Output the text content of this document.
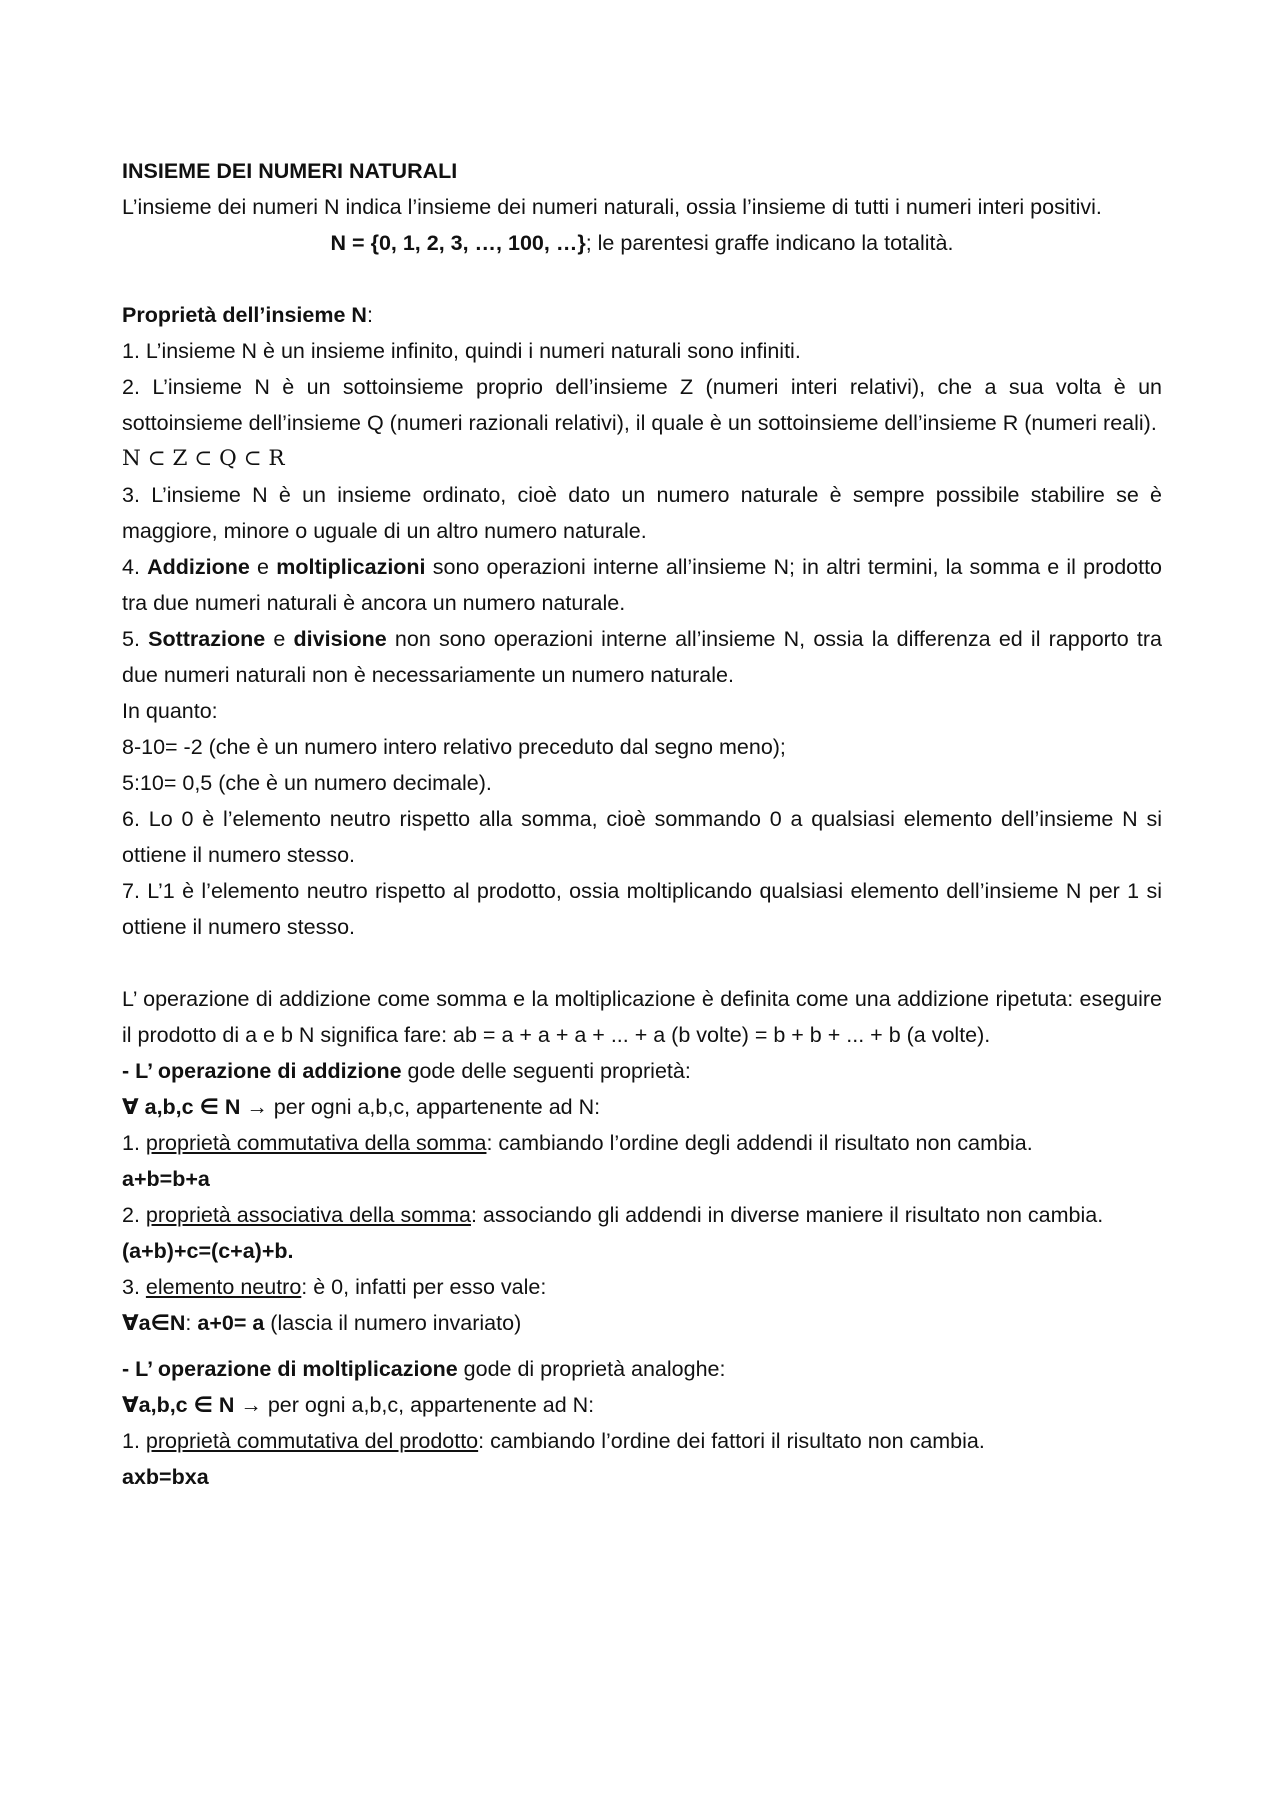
INSIEME DEI NUMERI NATURALI

L’insieme dei numeri N indica l’insieme dei numeri naturali, ossia l’insieme di tutti i numeri interi positivi.

N = {0, 1, 2, 3, …, 100, …}; le parentesi graffe indicano la totalità.

Proprietà dell’insieme N:

1. L’insieme N è un insieme infinito, quindi i numeri naturali sono infiniti.

2. L’insieme N è un sottoinsieme proprio dell’insieme Z (numeri interi relativi), che a sua volta è un sottoinsieme dell’insieme Q (numeri razionali relativi), il quale è un sottoinsieme dell’insieme R (numeri reali).

N ⊂ Z ⊂ Q ⊂ R

3. L’insieme N è un insieme ordinato, cioè dato un numero naturale è sempre possibile stabilire se è maggiore, minore o uguale di un altro numero naturale.

4. Addizione e moltiplicazioni sono operazioni interne all’insieme N; in altri termini, la somma e il prodotto tra due numeri naturali è ancora un numero naturale.

5. Sottrazione e divisione non sono operazioni interne all’insieme N, ossia la differenza ed il rapporto tra due numeri naturali non è necessariamente un numero naturale.

In quanto:

8-10= -2 (che è un numero intero relativo preceduto dal segno meno);

5:10= 0,5 (che è un numero decimale).

6. Lo 0 è l’elemento neutro rispetto alla somma, cioè sommando 0 a qualsiasi elemento dell’insieme N si ottiene il numero stesso.

7. L’1 è l’elemento neutro rispetto al prodotto, ossia moltiplicando qualsiasi elemento dell’insieme N per 1 si ottiene il numero stesso.

L’ operazione di addizione come somma e la moltiplicazione è definita come una addizione ripetuta: eseguire il prodotto di a e b N significa fare: ab = a + a + a + ... + a (b volte) = b + b + ... + b (a volte).

- L’ operazione di addizione gode delle seguenti proprietà:

∀ a,b,c ∈ N → per ogni a,b,c, appartenente ad N:

1. proprietà commutativa della somma: cambiando l’ordine degli addendi il risultato non cambia.

a+b=b+a

2. proprietà associativa della somma: associando gli addendi in diverse maniere il risultato non cambia.

(a+b)+c=(c+a)+b.

3. elemento neutro: è 0, infatti per esso vale:

∀a∈N: a+0= a (lascia il numero invariato)

- L’ operazione di moltiplicazione gode di proprietà analoghe:

∀a,b,c ∈ N → per ogni a,b,c, appartenente ad N:

1. proprietà commutativa del prodotto: cambiando l’ordine dei fattori il risultato non cambia.

axb=bxa
